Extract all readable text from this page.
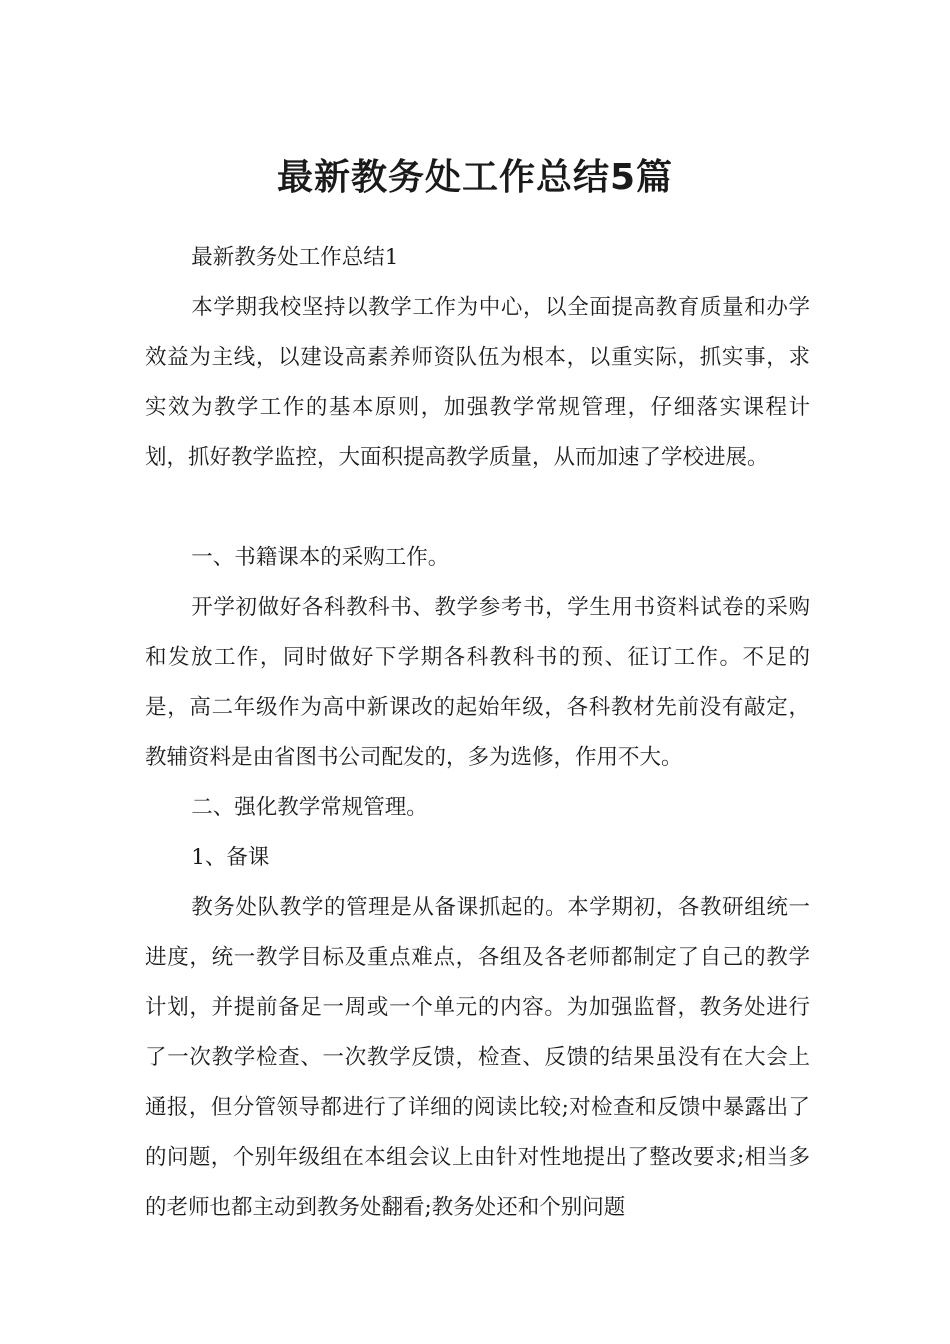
最新教务处工作总结5篇

最新教务处工作总结1

本学期我校坚持以教学工作为中心，以全面提高教育质量和办学效益为主线，以建设高素养师资队伍为根本，以重实际，抓实事，求实效为教学工作的基本原则，加强教学常规管理，仔细落实课程计划，抓好教学监控，大面积提高教学质量，从而加速了学校进展。

一、书籍课本的采购工作。

开学初做好各科教科书、教学参考书，学生用书资料试卷的采购和发放工作，同时做好下学期各科教科书的预、征订工作。不足的是，高二年级作为高中新课改的起始年级，各科教材先前没有敲定，教辅资料是由省图书公司配发的，多为选修，作用不大。

二、强化教学常规管理。

1、备课

教务处队教学的管理是从备课抓起的。本学期初，各教研组统一进度，统一教学目标及重点难点，各组及各老师都制定了自己的教学计划，并提前备足一周或一个单元的内容。为加强监督，教务处进行了一次教学检查、一次教学反馈，检查、反馈的结果虽没有在大会上通报，但分管领导都进行了详细的阅读比较;对检查和反馈中暴露出了的问题，个别年级组在本组会议上由针对性地提出了整改要求;相当多的老师也都主动到教务处翻看;教务处还和个别问题
